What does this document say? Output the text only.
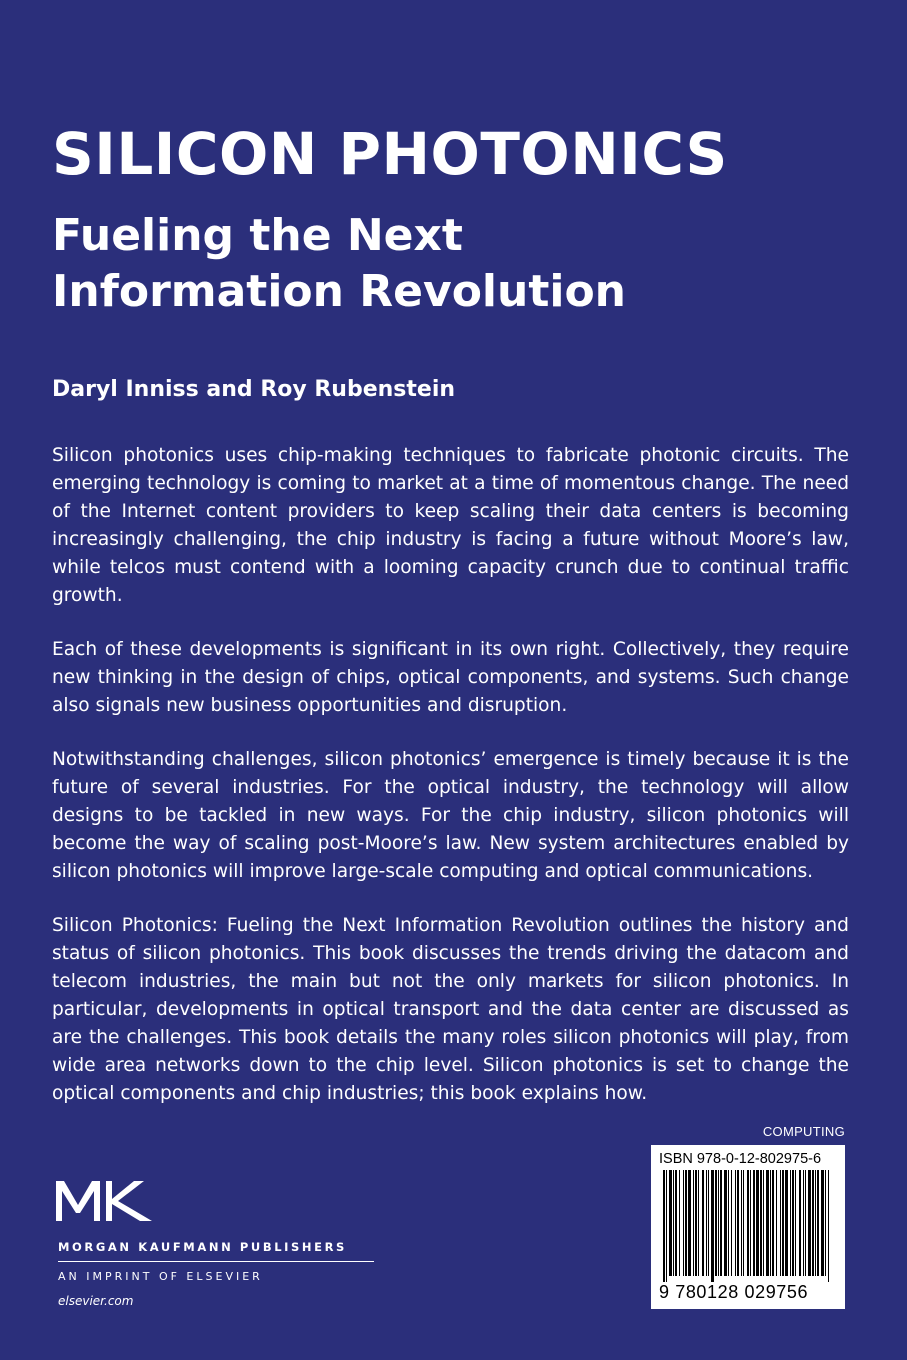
SILICON PHOTONICS
Fueling the Next
Information Revolution
Daryl Inniss and Roy Rubenstein

Silicon photonics uses chip-making techniques to fabricate photonic circuits. The emerging technology is coming to market at a time of momentous change. The need of the Internet content providers to keep scaling their data centers is becoming increasingly challenging, the chip industry is facing a future without Moore’s law, while telcos must contend with a looming capacity crunch due to continual traffic growth.

Each of these developments is significant in its own right. Collectively, they require new thinking in the design of chips, optical components, and systems. Such change also signals new business opportunities and disruption.

Notwithstanding challenges, silicon photonics’ emergence is timely because it is the future of several industries. For the optical industry, the technology will allow designs to be tackled in new ways. For the chip industry, silicon photonics will become the way of scaling post-Moore’s law. New system architectures enabled by silicon photonics will improve large-scale computing and optical communications.

Silicon Photonics: Fueling the Next Information Revolution outlines the history and status of silicon photonics. This book discusses the trends driving the datacom and telecom industries, the main but not the only markets for silicon photonics. In particular, developments in optical transport and the data center are discussed as are the challenges. This book details the many roles silicon photonics will play, from wide area networks down to the chip level. Silicon photonics is set to change the optical components and chip industries; this book explains how.

COMPUTING
ISBN 978-0-12-802975-6
9 780128 029756
MORGAN KAUFMANN PUBLISHERS
AN IMPRINT OF ELSEVIER
elsevier.com
